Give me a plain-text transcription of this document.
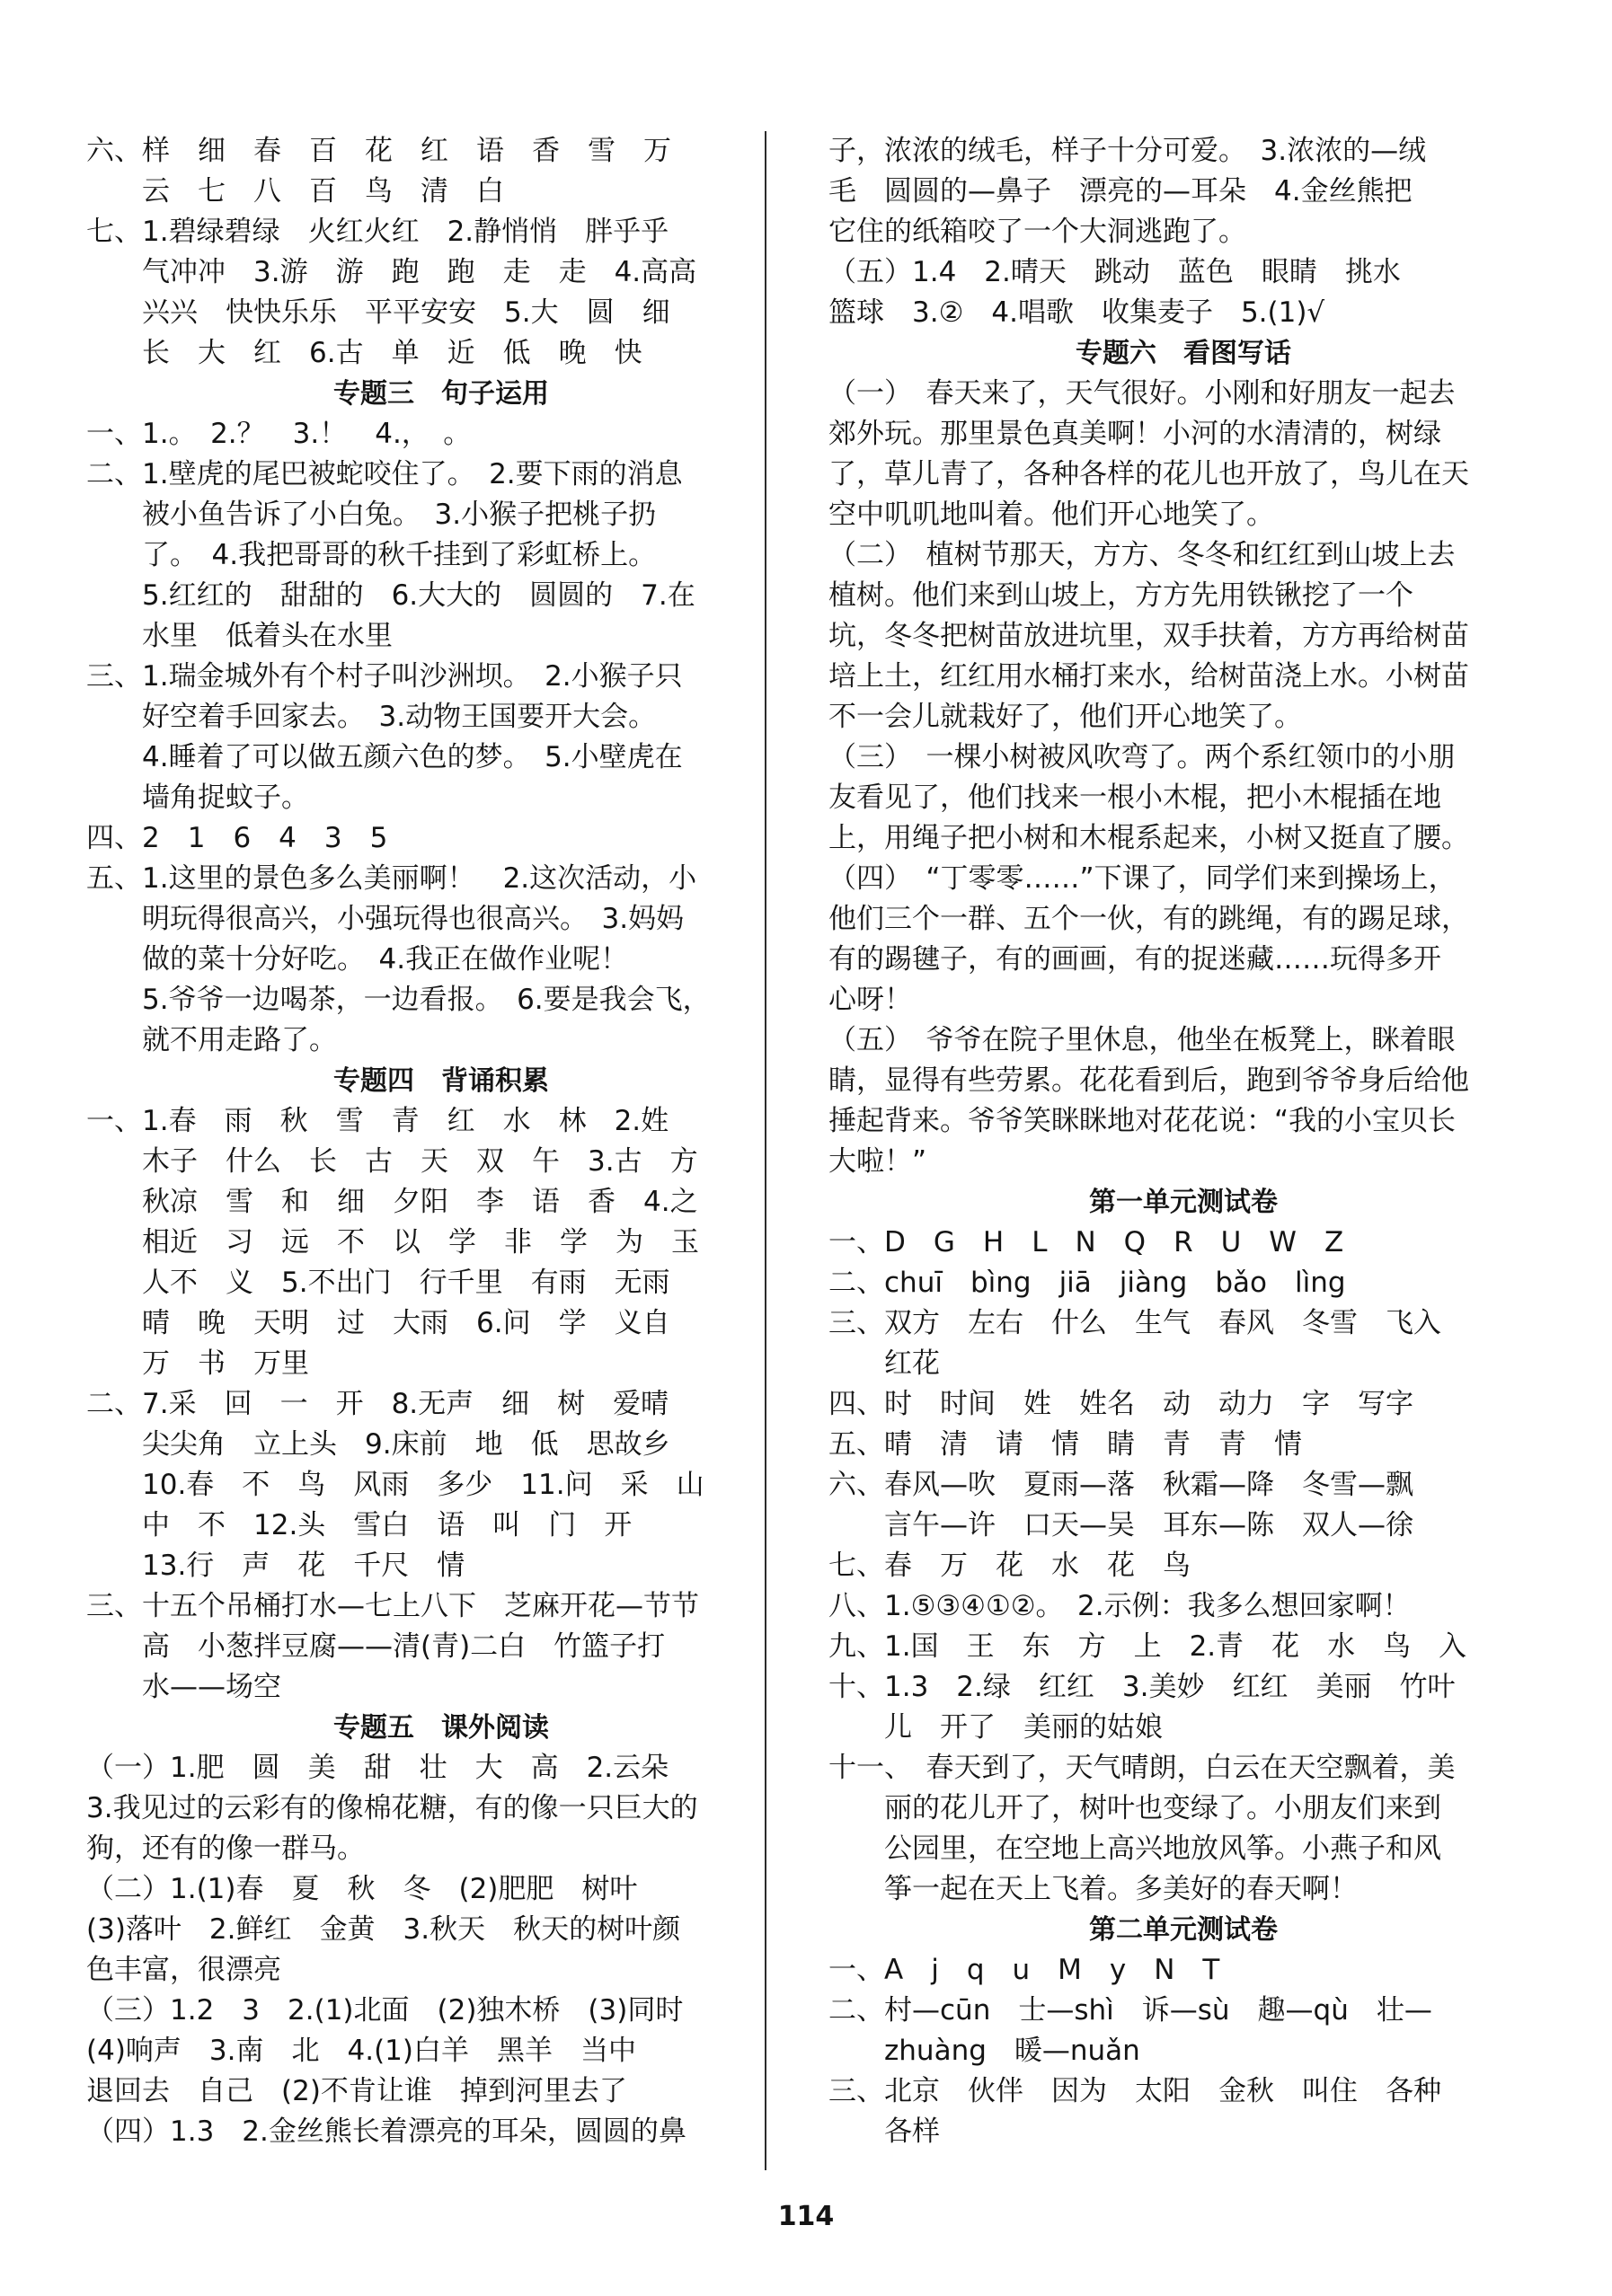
六、样　细　春　百　花　红　语　香　雪　万
　　云　七　八　百　鸟　清　白
七、1.碧绿碧绿　火红火红　2.静悄悄　胖乎乎
　　气冲冲　3.游　游　跑　跑　走　走　4.高高
　　兴兴　快快乐乐　平平安安　5.大　圆　细
　　长　大　红　6.古　单　近　低　晚　快
专题三　句子运用
一、1.。　2.？　3.！　4.，　。
二、1.壁虎的尾巴被蛇咬住了。　2.要下雨的消息
　　被小鱼告诉了小白兔。　3.小猴子把桃子扔
　　了。　4.我把哥哥的秋千挂到了彩虹桥上。
　　5.红红的　甜甜的　6.大大的　圆圆的　7.在
　　水里　低着头在水里
三、1.瑞金城外有个村子叫沙洲坝。　2.小猴子只
　　好空着手回家去。　3.动物王国要开大会。
　　4.睡着了可以做五颜六色的梦。　5.小壁虎在
　　墙角捉蚊子。
四、2　1　6　4　3　5
五、1.这里的景色多么美丽啊！　2.这次活动，小
　　明玩得很高兴，小强玩得也很高兴。　3.妈妈
　　做的菜十分好吃。　4.我正在做作业呢！
　　5.爷爷一边喝茶，一边看报。　6.要是我会飞，
　　就不用走路了。
专题四　背诵积累
一、1.春　雨　秋　雪　青　红　水　林　2.姓
　　木子　什么　长　古　天　双　午　3.古　方
　　秋凉　雪　和　细　夕阳　李　语　香　4.之
　　相近　习　远　不　以　学　非　学　为　玉
　　人不　义　5.不出门　行千里　有雨　无雨
　　晴　晚　天明　过　大雨　6.问　学　义自
　　万　书　万里
二、7.采　回　一　开　8.无声　细　树　爱晴
　　尖尖角　立上头　9.床前　地　低　思故乡
　　10.春　不　鸟　风雨　多少　11.问　采　山
　　中　不　12.头　雪白　语　叫　门　开
　　13.行　声　花　千尺　情
三、十五个吊桶打水—七上八下　芝麻开花—节节
　　高　小葱拌豆腐——清(青)二白　竹篮子打
　　水——场空
专题五　课外阅读
（一）1.肥　圆　美　甜　壮　大　高　2.云朵
3.我见过的云彩有的像棉花糖，有的像一只巨大的
狗，还有的像一群马。
（二）1.(1)春　夏　秋　冬　(2)肥肥　树叶
(3)落叶　2.鲜红　金黄　3.秋天　秋天的树叶颜
色丰富，很漂亮
（三）1.2　3　2.(1)北面　(2)独木桥　(3)同时
(4)响声　3.南　北　4.(1)白羊　黑羊　当中
退回去　自己　(2)不肯让谁　掉到河里去了
（四）1.3　2.金丝熊长着漂亮的耳朵，圆圆的鼻
子，浓浓的绒毛，样子十分可爱。　3.浓浓的—绒
毛　圆圆的—鼻子　漂亮的—耳朵　4.金丝熊把
它住的纸箱咬了一个大洞逃跑了。
（五）1.4　2.晴天　跳动　蓝色　眼睛　挑水
篮球　3.②　4.唱歌　收集麦子　5.(1)√
专题六　看图写话
（一）　春天来了，天气很好。小刚和好朋友一起去
郊外玩。那里景色真美啊！小河的水清清的，树绿
了，草儿青了，各种各样的花儿也开放了，鸟儿在天
空中叽叽地叫着。他们开心地笑了。
（二）　植树节那天，方方、冬冬和红红到山坡上去
植树。他们来到山坡上，方方先用铁锹挖了一个
坑，冬冬把树苗放进坑里，双手扶着，方方再给树苗
培上土，红红用水桶打来水，给树苗浇上水。小树苗
不一会儿就栽好了，他们开心地笑了。
（三）　一棵小树被风吹弯了。两个系红领巾的小朋
友看见了，他们找来一根小木棍，把小木棍插在地
上，用绳子把小树和木棍系起来，小树又挺直了腰。
（四）　“丁零零……”下课了，同学们来到操场上，
他们三个一群、五个一伙，有的跳绳，有的踢足球，
有的踢毽子，有的画画，有的捉迷藏……玩得多开
心呀！
（五）　爷爷在院子里休息，他坐在板凳上，眯着眼
睛，显得有些劳累。花花看到后，跑到爷爷身后给他
捶起背来。爷爷笑眯眯地对花花说：“我的小宝贝长
大啦！”
第一单元测试卷
一、D　G　H　L　N　Q　R　U　W　Z
二、chuī　bìng　jiā　jiàng　bǎo　lìng
三、双方　左右　什么　生气　春风　冬雪　飞入
　　红花
四、时　时间　姓　姓名　动　动力　字　写字
五、晴　清　请　情　睛　青　青　情
六、春风—吹　夏雨—落　秋霜—降　冬雪—飘
　　言午—许　口天—吴　耳东—陈　双人—徐
七、春　万　花　水　花　鸟
八、1.⑤③④①②。　2.示例：我多么想回家啊！
九、1.国　王　东　方　上　2.青　花　水　鸟　入
十、1.3　2.绿　红红　3.美妙　红红　美丽　竹叶
　　儿　开了　美丽的姑娘
十一、　春天到了，天气晴朗，白云在天空飘着，美
　　丽的花儿开了，树叶也变绿了。小朋友们来到
　　公园里，在空地上高兴地放风筝。小燕子和风
　　筝一起在天上飞着。多美好的春天啊！
第二单元测试卷
一、A　j　q　u　M　y　N　T
二、村—cūn　士—shì　诉—sù　趣—qù　壮—
　　zhuàng　暖—nuǎn
三、北京　伙伴　因为　太阳　金秋　叫住　各种
　　各样
114
